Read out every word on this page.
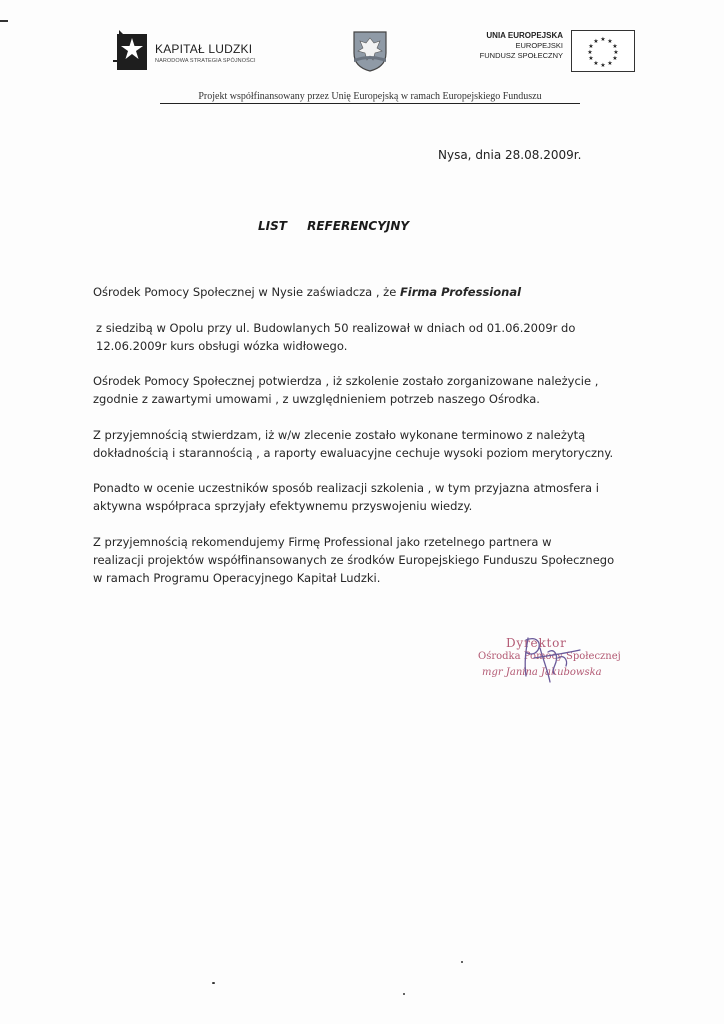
KAPITAŁ LUDZKI
NARODOWA STRATEGIA SPÓJNOŚCI
UNIA EUROPEJSKA
EUROPEJSKI
FUNDUSZ SPOŁECZNY
★ ★
★
★
★
★
★
★
★
★
★
★
Projekt współfinansowany przez Unię Europejską w ramach Europejskiego Funduszu
Nysa, dnia 28.08.2009r.
LIST REFERENCYJNY
Ośrodek Pomocy Społecznej w Nysie zaświadcza , że Firma Professional
z siedzibą w Opolu przy ul. Budowlanych 50 realizował w dniach od 01.06.2009r do
12.06.2009r kurs obsługi wózka widłowego.
Ośrodek Pomocy Społecznej potwierdza , iż szkolenie zostało zorganizowane należycie ,
zgodnie z zawartymi umowami , z uwzględnieniem potrzeb naszego Ośrodka.
Z przyjemnością stwierdzam, iż w/w zlecenie zostało wykonane terminowo z należytą
dokładnością i starannością , a raporty ewaluacyjne cechuje wysoki poziom merytoryczny.
Ponadto w ocenie uczestników sposób realizacji szkolenia , w tym przyjazna atmosfera i
aktywna współpraca sprzyjały efektywnemu przyswojeniu wiedzy.
Z przyjemnością rekomendujemy Firmę Professional jako rzetelnego partnera w
realizacji projektów współfinansowanych ze środków Europejskiego Funduszu Społecznego
w ramach Programu Operacyjnego Kapitał Ludzki.
Dyrektor
Ośrodka Pomocy Społecznej
mgr Janina Jakubowska
